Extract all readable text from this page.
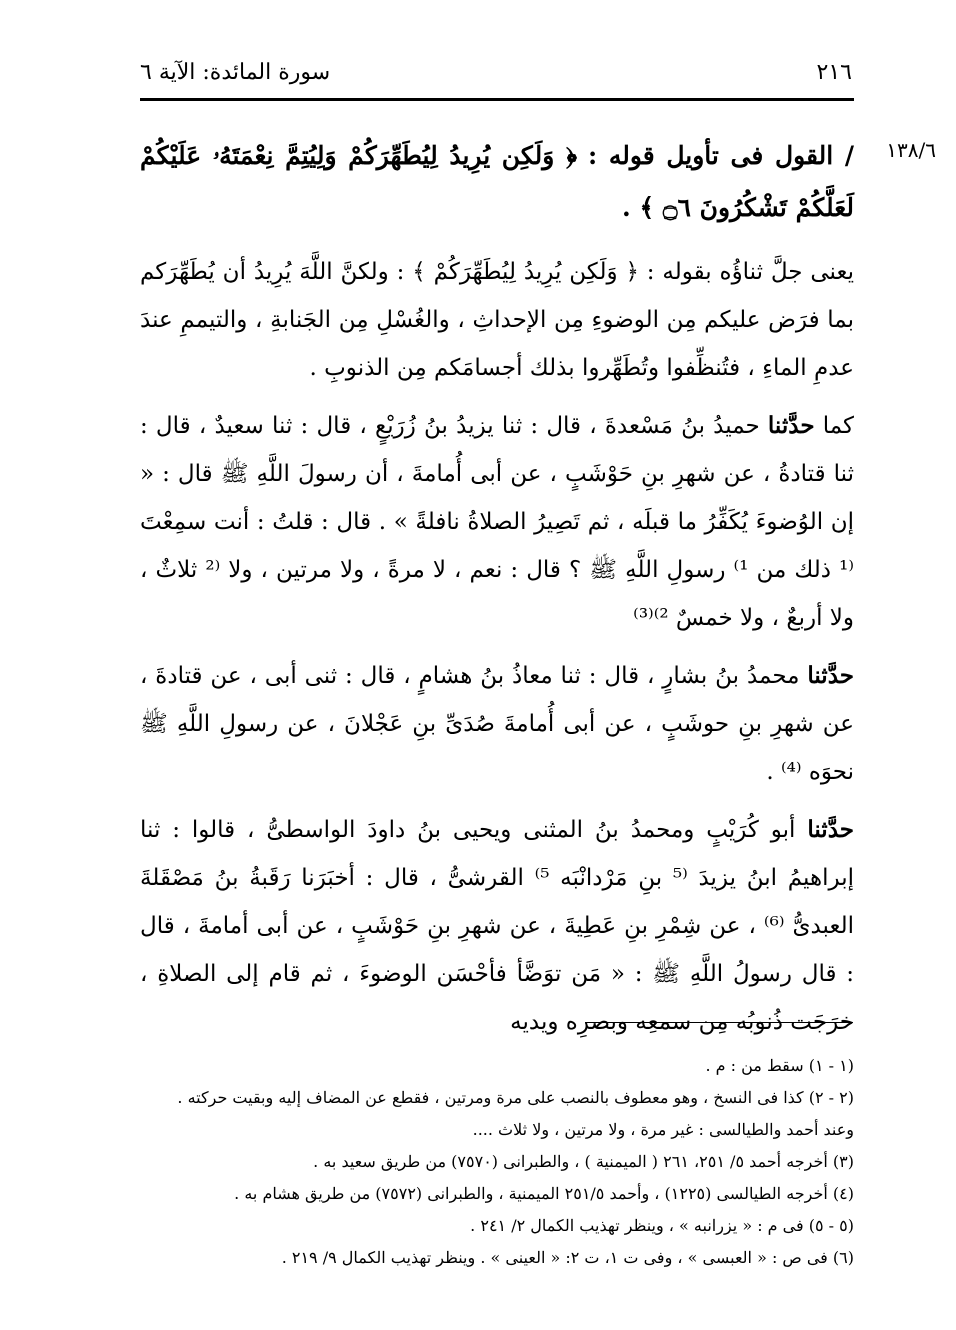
٢١٦
سورة المائدة: الآية ٦
١٣٨/٦

/ القول فى تأويل قوله : ﴿ وَلَكِن يُرِيدُ لِيُطَهِّرَكُمْ وَلِيُتِمَّ نِعْمَتَهُۥ عَلَيْكُمْ لَعَلَّكُمْ تَشْكُرُونَ ۝٦ ﴾ .

يعنى جلَّ ثناؤُه بقوله : ﴿ وَلَكِن يُرِيدُ لِيُطَهِّرَكُمْ ﴾ : ولكنَّ اللَّهَ يُرِيدُ أن يُطَهِّرَكم بما فرَض عليكم مِن الوضوءِ مِن الإحداثِ ، والغُسْلِ مِن الجَنابةِ ، والتيممِ عندَ عدمِ الماءِ ، فتُنظِّفوا وتُطَهِّروا بذلك أجسامَكم مِن الذنوبِ .

كما حدَّثنا حميدُ بنُ مَسْعدةَ ، قال : ثنا يزيدُ بنُ زُرَيْعٍ ، قال : ثنا سعيدٌ ، قال : ثنا قتادةُ ، عن شهرِ بنِ حَوْشَبٍ ، عن أبى أُمامةَ ، أن رسولَ اللَّهِ ﷺ قال : « إن الوُضوءَ يُكَفِّرُ ما قبلَه ، ثم تَصِيرُ الصلاةُ نافلةً » . قال : قلتُ : أنت سمِعْتَ ⁽¹ ذلك من ¹⁾ رسولِ اللَّهِ ﷺ ؟ قال : نعم ، لا مرةً ، ولا مرتين ، ولا ⁽² ثلاثٌ ، ولا أربعٌ ، ولا خمسٌ ²⁾⁽³⁾

حدَّثنا محمدُ بنُ بشارٍ ، قال : ثنا معاذُ بنُ هشامٍ ، قال : ثنى أبى ، عن قتادةَ ، عن شهرِ بنِ حوشَبٍ ، عن أبى أُمامةَ صُدَىِّ بنِ عَجْلانَ ، عن رسولِ اللَّهِ ﷺ نحوَه ⁽⁴⁾ .

حدَّثنا أبو كُرَيْبٍ ومحمدُ بنُ المثنى ويحيى بنُ داودَ الواسطىُّ ، قالوا : ثنا إبراهيمُ ابنُ يزيدَ ⁽⁵ بنِ مَرْدانْبَه ⁵⁾ القرشىُّ ، قال : أخبَرَنا رَقَبةُ بنُ مَصْقَلةَ العبدىُّ ⁽⁶⁾ ، عن شِمْرِ بنِ عَطِيةَ ، عن شهرِ بنِ حَوْشَبٍ ، عن أبى أمامةَ ، قال : قال رسولُ اللَّهِ ﷺ : « مَن توَضَّأ فأحْسَن الوضوءَ ، ثم قام إلى الصلاةِ ، خرَجَت ذُنوبُه مِن سمعِه وبصرِه ويديه

(١ - ١) سقط من : م .

(٢ - ٢) كذا فى النسخ ، وهو معطوف بالنصب على مرة ومرتين ، فقطع عن المضاف إليه وبقيت حركته .

وعند أحمد والطيالسى : غير مرة ، ولا مرتين ، ولا ثلاث ....

(٣) أخرجه أحمد ٥/ ٢٥١، ٢٦١ ( الميمنية ) ، والطبرانى (٧٥٧٠) من طريق سعيد به .

(٤) أخرجه الطيالسى (١٢٢٥) ، وأحمد ٢٥١/٥ الميمنية ، والطبرانى (٧٥٧٢) من طريق هشام به .

(٥ - ٥) فى م : « يزرانبه » ، وينظر تهذيب الكمال ٢/ ٢٤١ .

(٦) فى ص : « العبسى » ، وفى ت ١، ت ٢: « العينى » . وينظر تهذيب الكمال ٩/ ٢١٩ .
